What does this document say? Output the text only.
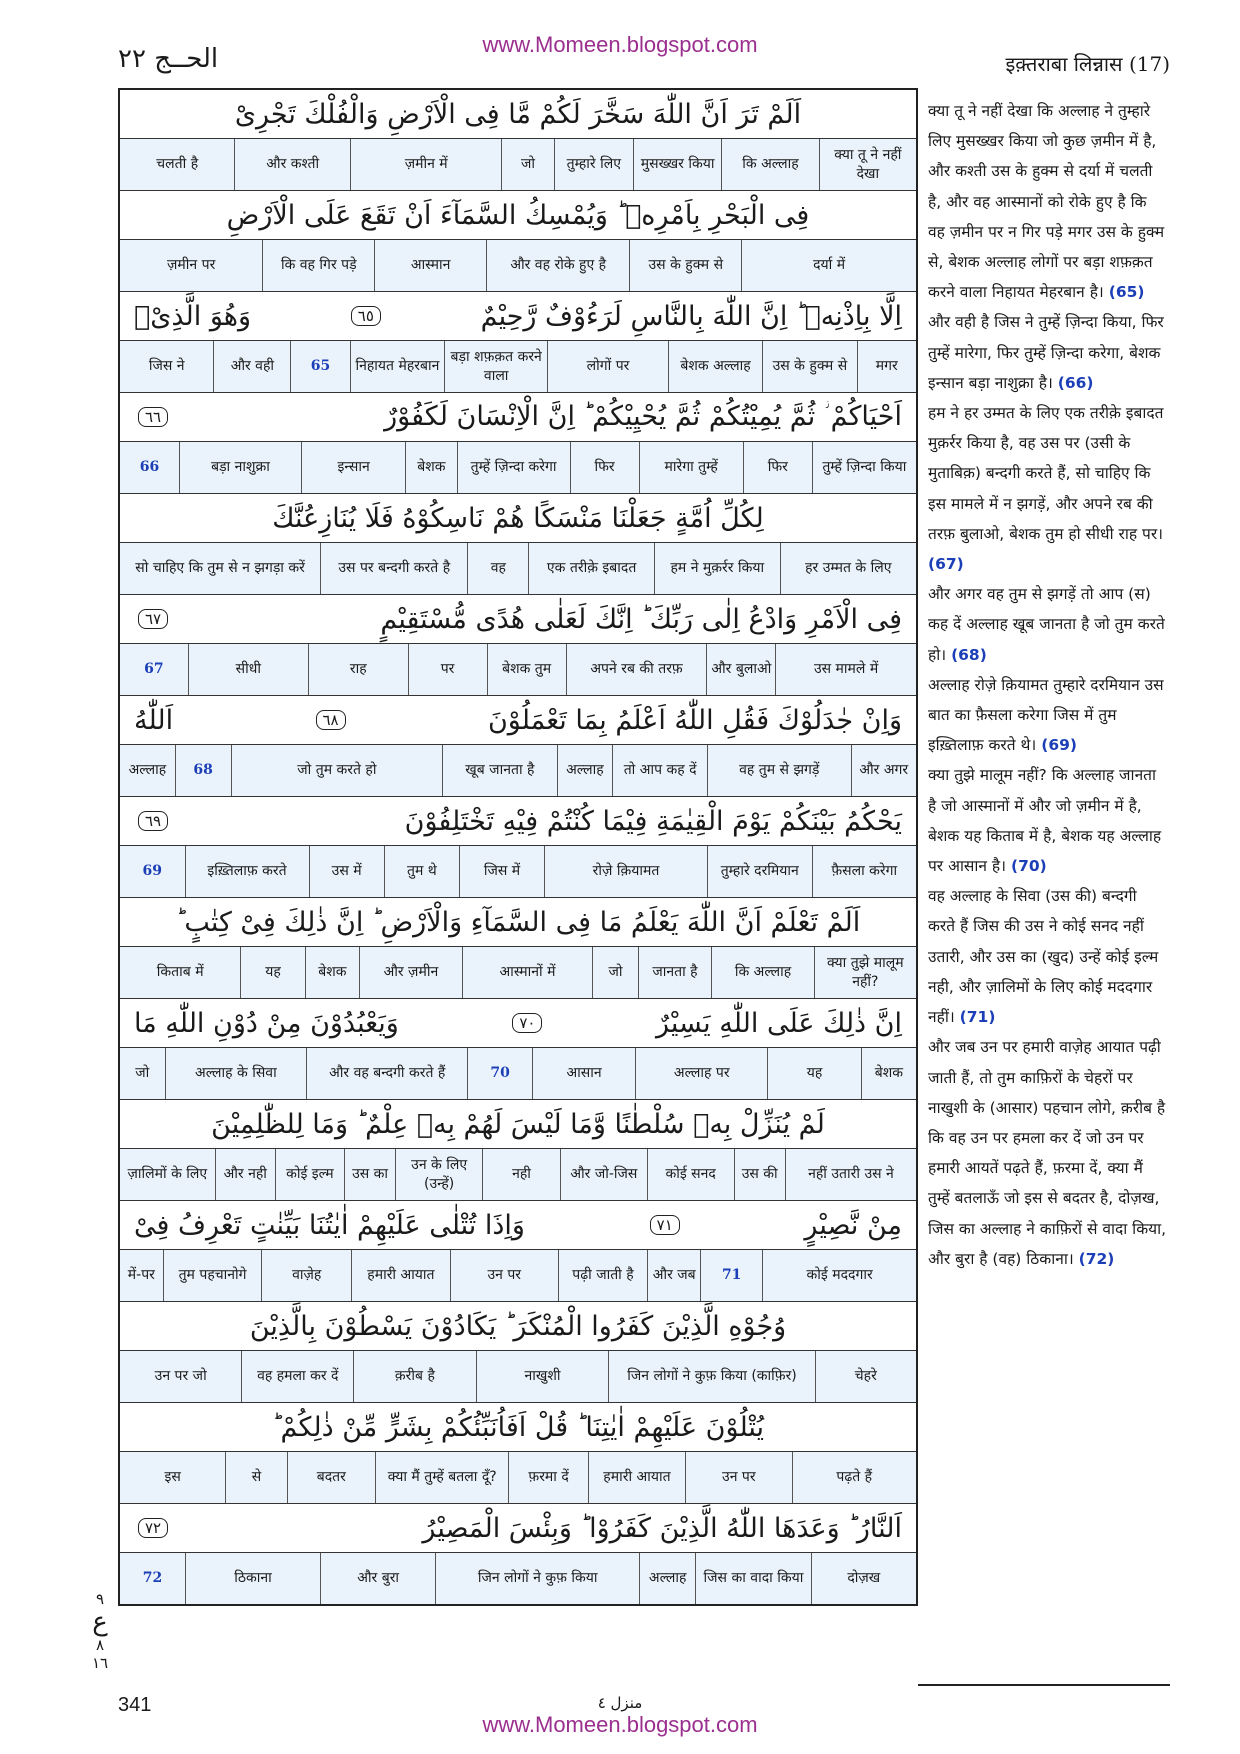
www.Momeen.blogspot.com
الحــج ٢٢	इक़्तराबा लिन्नास (17)
اَلَمْ تَرَ اَنَّ اللّٰهَ سَخَّرَ لَكُمْ مَّا فِی الْاَرْضِ وَالْفُلْكَ تَجْرِیْ
क्या तू ने नहीं देखा
कि अल्लाह
मुसख्खर किया
तुम्हारे लिए
जो
ज़मीन में
और कश्ती
चलती है
فِی الْبَحْرِ بِاَمْرِهٖ ؕ وَیُمْسِكُ السَّمَآءَ اَنْ تَقَعَ عَلَی الْاَرْضِ
दर्या में
उस के हुक्म से
और वह रोके हुए है
आस्मान
कि वह गिर पड़े
ज़मीन पर
اِلَّا بِاِذْنِهٖ ؕ اِنَّ اللّٰهَ بِالنَّاسِ لَرَءُوْفٌ رَّحِیْمٌ
٦٥
وَهُوَ الَّذِیْۤ
मगर
उस के हुक्म से
बेशक अल्लाह
लोगों पर
बड़ा शफ़क़त करने वाला
निहायत मेहरबान
65
और वही
जिस ने
اَحْیَاكُمْ ؗ ثُمَّ یُمِیْتُكُمْ ثُمَّ یُحْیِیْكُمْ ؕ اِنَّ الْاِنْسَانَ لَكَفُوْرٌ
٦٦
तुम्हें ज़िन्दा किया
फिर
मारेगा तुम्हें
फिर
तुम्हें ज़िन्दा करेगा
बेशक
इन्सान
बड़ा नाशुक्रा
66
لِكُلِّ اُمَّةٍ جَعَلْنَا مَنْسَكًا هُمْ نَاسِكُوْهُ فَلَا یُنَازِعُنَّكَ
हर उम्मत के लिए
हम ने मुक़र्रर किया
एक तरीक़े इबादत
वह
उस पर बन्दगी करते है
सो चाहिए कि तुम से न झगड़ा करें
فِی الْاَمْرِ وَادْعُ اِلٰی رَبِّكَ ؕ اِنَّكَ لَعَلٰی هُدًی مُّسْتَقِیْمٍ
٦٧
उस मामले में
और बुलाओ
अपने रब की तरफ़
बेशक तुम
पर
राह
सीधी
67
وَاِنْ جٰدَلُوْكَ فَقُلِ اللّٰهُ اَعْلَمُ بِمَا تَعْمَلُوْنَ
٦٨
اَللّٰهُ
और अगर
वह तुम से झगड़ें
तो आप कह दें
अल्लाह
खूब जानता है
जो तुम करते हो
68
अल्लाह
یَحْكُمُ بَیْنَكُمْ یَوْمَ الْقِیٰمَةِ فِیْمَا كُنْتُمْ فِیْهِ تَخْتَلِفُوْنَ
٦٩
फ़ैसला करेगा
तुम्हारे दरमियान
रोज़े क़ियामत
जिस में
तुम थे
उस में
इख़्तिलाफ़ करते
69
اَلَمْ تَعْلَمْ اَنَّ اللّٰهَ یَعْلَمُ مَا فِی السَّمَآءِ وَالْاَرْضِ ؕ اِنَّ ذٰلِكَ فِیْ كِتٰبٍ ؕ
क्या तुझे मालूम नहीं?
कि अल्लाह
जानता है
जो
आस्मानों में
और ज़मीन
बेशक
यह
किताब में
اِنَّ ذٰلِكَ عَلَی اللّٰهِ یَسِیْرٌ
٧٠
وَیَعْبُدُوْنَ مِنْ دُوْنِ اللّٰهِ مَا
बेशक
यह
अल्लाह पर
आसान
70
और वह बन्दगी करते हैं
अल्लाह के सिवा
जो
لَمْ یُنَزِّلْ بِهٖ سُلْطٰنًا وَّمَا لَیْسَ لَهُمْ بِهٖ عِلْمٌ ؕ وَمَا لِلظّٰلِمِیْنَ
नहीं उतारी उस ने
उस की
कोई सनद
और जो-जिस
नही
उन के लिए (उन्हें)
उस का
कोई इल्म
और नही
ज़ालिमों के लिए
مِنْ نَّصِیْرٍ
٧١
وَاِذَا تُتْلٰی عَلَیْهِمْ اٰیٰتُنَا بَیِّنٰتٍ تَعْرِفُ فِیْ
कोई मददगार
71
और जब
पढ़ी जाती है
उन पर
हमारी आयात
वाज़ेह
तुम पहचानोगे
में-पर
وُجُوْهِ الَّذِیْنَ كَفَرُوا الْمُنْكَرَ ؕ یَكَادُوْنَ یَسْطُوْنَ بِالَّذِیْنَ
चेहरे
जिन लोगों ने कुफ़ किया (काफ़िर)
नाखुशी
क़रीब है
वह हमला कर दें
उन पर जो
یُتْلُوْنَ عَلَیْهِمْ اٰیٰتِنَا ؕ قُلْ اَفَاُنَبِّئُكُمْ بِشَرٍّ مِّنْ ذٰلِكُمْ ؕ
पढ़ते हैं
उन पर
हमारी आयात
फ़रमा दें
क्या मैं तुम्हें बतला दूँ?
बदतर
से
इस
اَلنَّارُ ؕ وَعَدَهَا اللّٰهُ الَّذِیْنَ كَفَرُوْا ؕ وَبِئْسَ الْمَصِیْرُ
٧٢
दोज़ख
जिस का वादा किया
अल्लाह
जिन लोगों ने कुफ़ किया
और बुरा
ठिकाना
72
क्या तू ने नहीं देखा कि अल्लाह ने तुम्हारे लिए मुसख्खर किया जो कुछ ज़मीन में है, और कश्ती उस के हुक्म से दर्या में चलती है, और वह आस्मानों को रोके हुए है कि वह ज़मीन पर न गिर पड़े मगर उस के हुक्म से, बेशक अल्लाह लोगों पर बड़ा शफ़क़त करने वाला निहायत मेहरबान है। (65)
और वही है जिस ने तुम्हें ज़िन्दा किया, फिर तुम्हें मारेगा, फिर तुम्हें ज़िन्दा करेगा, बेशक इन्सान बड़ा नाशुक्रा है। (66)
हम ने हर उम्मत के लिए एक तरीक़े इबादत मुक़र्रर किया है, वह उस पर (उसी के मुताबिक़) बन्दगी करते हैं, सो चाहिए कि इस मामले में न झगड़ें, और अपने रब की तरफ़ बुलाओ, बेशक तुम हो सीधी राह पर। (67)
और अगर वह तुम से झगड़ें तो आप (स) कह दें अल्लाह खूब जानता है जो तुम करते हो। (68)
अल्लाह रोज़े क़ियामत तुम्हारे दरमियान उस बात का फ़ैसला करेगा जिस में तुम इख़्तिलाफ़ करते थे। (69)
क्या तुझे मालूम नहीं? कि अल्लाह जानता है जो आस्मानों में और जो ज़मीन में है, बेशक यह किताब में है, बेशक यह अल्लाह पर आसान है। (70)
वह अल्लाह के सिवा (उस की) बन्दगी करते हैं जिस की उस ने कोई सनद नहीं उतारी, और उस का (खुद) उन्हें कोई इल्म नही, और ज़ालिमों के लिए कोई मददगार नहीं। (71)
और जब उन पर हमारी वाज़ेह आयात पढ़ी जाती हैं, तो तुम काफ़िरों के चेहरों पर नाखुशी के (आसार) पहचान लोगे, क़रीब है कि वह उन पर हमला कर दें जो उन पर हमारी आयतें पढ़ते हैं, फ़रमा दें, क्या मैं तुम्हें बतलाऊँ जो इस से बदतर है, दोज़ख, जिस का अल्लाह ने काफ़िरों से वादा किया, और बुरा है (वह) ठिकाना। (72)
٩
ع
٨
١٦
341	منزل ٤
www.Momeen.blogspot.com
